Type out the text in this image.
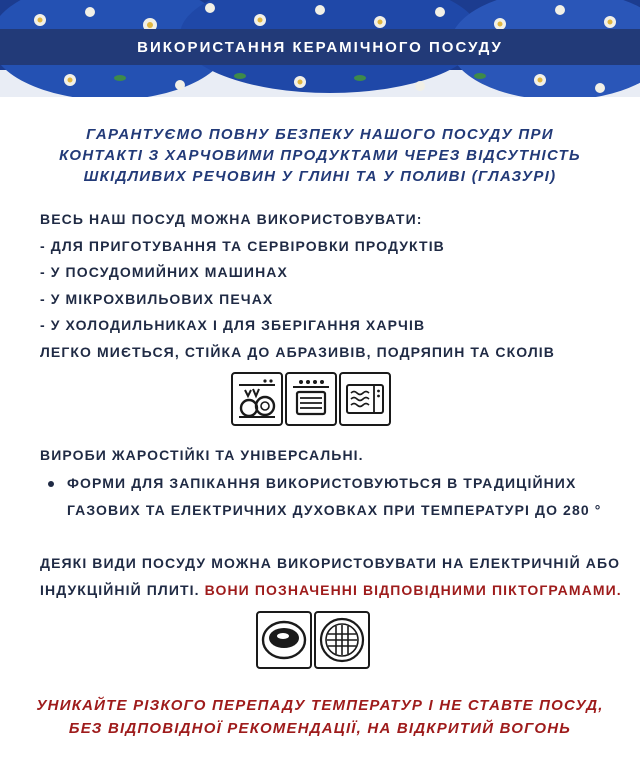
ВИКОРИСТАННЯ КЕРАМІЧНОГО ПОСУДУ
ГАРАНТУЄМО ПОВНУ БЕЗПЕКУ НАШОГО ПОСУДУ ПРИ
КОНТАКТІ З ХАРЧОВИМИ ПРОДУКТАМИ ЧЕРЕЗ ВІДСУТНІСТЬ
ШКІДЛИВИХ РЕЧОВИН У ГЛИНІ ТА У ПОЛИВІ (ГЛАЗУРІ)
ВЕСЬ НАШ ПОСУД МОЖНА ВИКОРИСТОВУВАТИ:
- ДЛЯ ПРИГОТУВАННЯ ТА СЕРВІРОВКИ ПРОДУКТІВ
- У ПОСУДОМИЙНИХ МАШИНАХ
- У МІКРОХВИЛЬОВИХ ПЕЧАХ
- У ХОЛОДИЛЬНИКАХ І ДЛЯ ЗБЕРІГАННЯ ХАРЧІВ
ЛЕГКО МИЄТЬСЯ, СТІЙКА ДО АБРАЗИВІВ, ПОДРЯПИН ТА СКОЛІВ
ВИРОБИ ЖАРОСТІЙКІ ТА УНІВЕРСАЛЬНІ.
ФОРМИ ДЛЯ ЗАПІКАННЯ ВИКОРИСТОВУЮТЬСЯ В ТРАДИЦІЙНИХ
ГАЗОВИХ ТА ЕЛЕКТРИЧНИХ ДУХОВКАХ ПРИ ТЕМПЕРАТУРІ ДО 280 °
ДЕЯКІ ВИДИ ПОСУДУ МОЖНА ВИКОРИСТОВУВАТИ НА ЕЛЕКТРИЧНІЙ АБО
ІНДУКЦІЙНІЙ ПЛИТІ. ВОНИ ПОЗНАЧЕННІ ВІДПОВІДНИМИ ПІКТОГРАМАМИ.
УНИКАЙТЕ РІЗКОГО ПЕРЕПАДУ ТЕМПЕРАТУР І НЕ СТАВТЕ ПОСУД,
БЕЗ ВІДПОВІДНОЇ РЕКОМЕНДАЦІЇ, НА ВІДКРИТИЙ ВОГОНЬ
